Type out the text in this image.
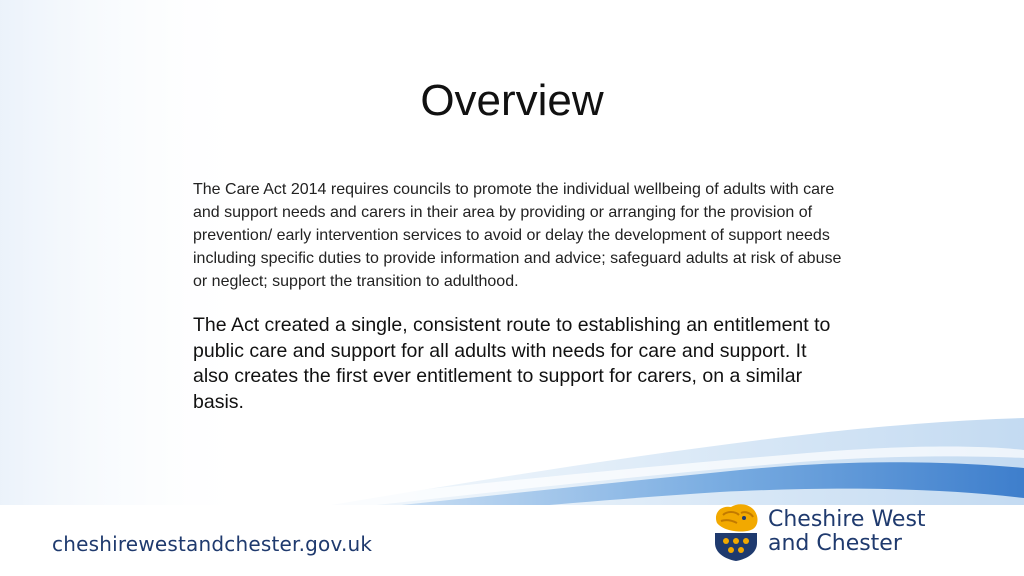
Overview

The Care Act 2014 requires councils to promote the individual wellbeing of adults with care and support needs and carers in their area by providing or arranging for the provision of prevention/ early intervention services to avoid or delay the development of support needs including specific duties to provide information and advice; safeguard adults at risk of abuse or neglect; support the transition to adulthood.

The Act created a single, consistent route to establishing an entitlement to public care and support for all adults with needs for care and support. It also creates the first ever entitlement to support for carers, on a similar basis.

cheshirewestandchester.gov.uk
Cheshire West
and Chester
